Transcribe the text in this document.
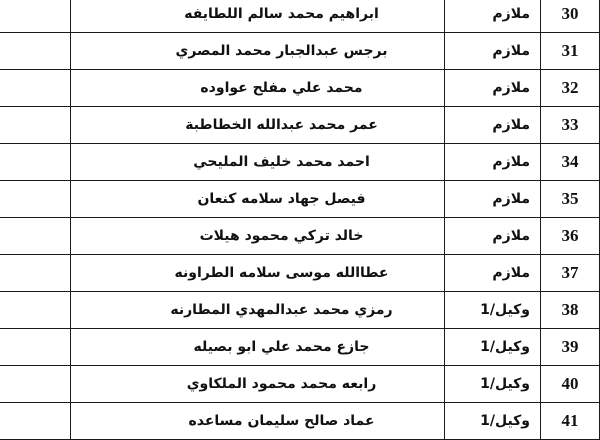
30	ملازم	ابراهيم محمد سالم اللطايفه	
31	ملازم	برجس عبدالجبار محمد المصري	
32	ملازم	محمد علي مفلح عواوده	
33	ملازم	عمر محمد عبدالله الخطاطبة	
34	ملازم	احمد محمد خليف المليحي	
35	ملازم	فيصل جهاد سلامه كنعان	
36	ملازم	خالد تركي محمود هيلات	
37	ملازم	عطاالله موسى سلامه الطراونه	
38	وكيل/1	رمزي محمد عبدالمهدي المطارنه	
39	وكيل/1	جازع محمد علي ابو بصيله	
40	وكيل/1	رابعه محمد محمود الملكاوي	
41	وكيل/1	عماد صالح سليمان مساعده	
